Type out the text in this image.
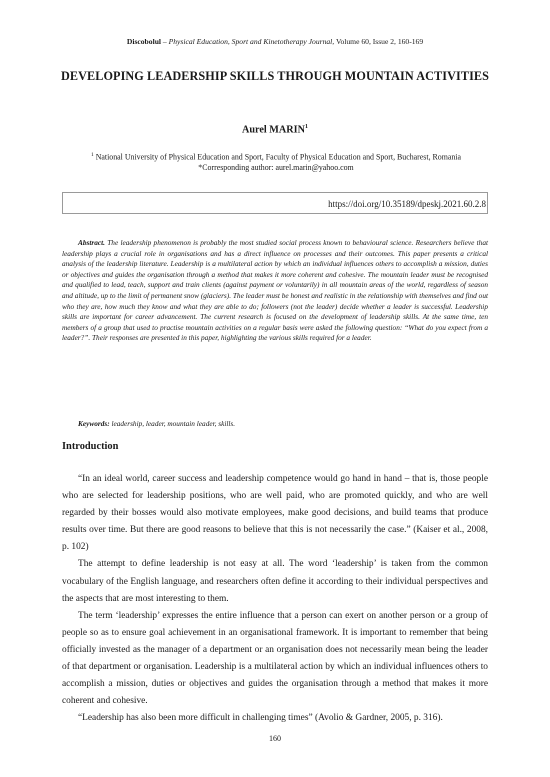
Discobolul – Physical Education, Sport and Kinetotherapy Journal, Volume 60, Issue 2, 160-169
DEVELOPING LEADERSHIP SKILLS THROUGH MOUNTAIN ACTIVITIES
Aurel MARIN$^1$
$^1$ National University of Physical Education and Sport, Faculty of Physical Education and Sport, Bucharest, Romania
*Corresponding author: aurel.marin@yahoo.com
https://doi.org/10.35189/dpeskj.2021.60.2.8
Abstract. The leadership phenomenon is probably the most studied social process known to behavioural science. Researchers believe that leadership plays a crucial role in organisations and has a direct influence on processes and their outcomes. This paper presents a critical analysis of the leadership literature. Leadership is a multilateral action by which an individual influences others to accomplish a mission, duties or objectives and guides the organisation through a method that makes it more coherent and cohesive. The mountain leader must be recognised and qualified to lead, teach, support and train clients (against payment or voluntarily) in all mountain areas of the world, regardless of season and altitude, up to the limit of permanent snow (glaciers). The leader must be honest and realistic in the relationship with themselves and find out who they are, how much they know and what they are able to do; followers (not the leader) decide whether a leader is successful. Leadership skills are important for career advancement. The current research is focused on the development of leadership skills. At the same time, ten members of a group that used to practise mountain activities on a regular basis were asked the following question: “What do you expect from a leader?”. Their responses are presented in this paper, highlighting the various skills required for a leader.
Keywords: leadership, leader, mountain leader, skills.
Introduction

“In an ideal world, career success and leadership competence would go hand in hand – that is, those people who are selected for leadership positions, who are well paid, who are promoted quickly, and who are well regarded by their bosses would also motivate employees, make good decisions, and build teams that produce results over time. But there are good reasons to believe that this is not necessarily the case.” (Kaiser et al., 2008, p. 102)

The attempt to define leadership is not easy at all. The word ‘leadership’ is taken from the common vocabulary of the English language, and researchers often define it according to their individual perspectives and the aspects that are most interesting to them.

The term ‘leadership’ expresses the entire influence that a person can exert on another person or a group of people so as to ensure goal achievement in an organisational framework. It is important to remember that being officially invested as the manager of a department or an organisation does not necessarily mean being the leader of that department or organisation. Leadership is a multilateral action by which an individual influences others to accomplish a mission, duties or objectives and guides the organisation through a method that makes it more coherent and cohesive.

“Leadership has also been more difficult in challenging times” (Avolio & Gardner, 2005, p. 316).

160
